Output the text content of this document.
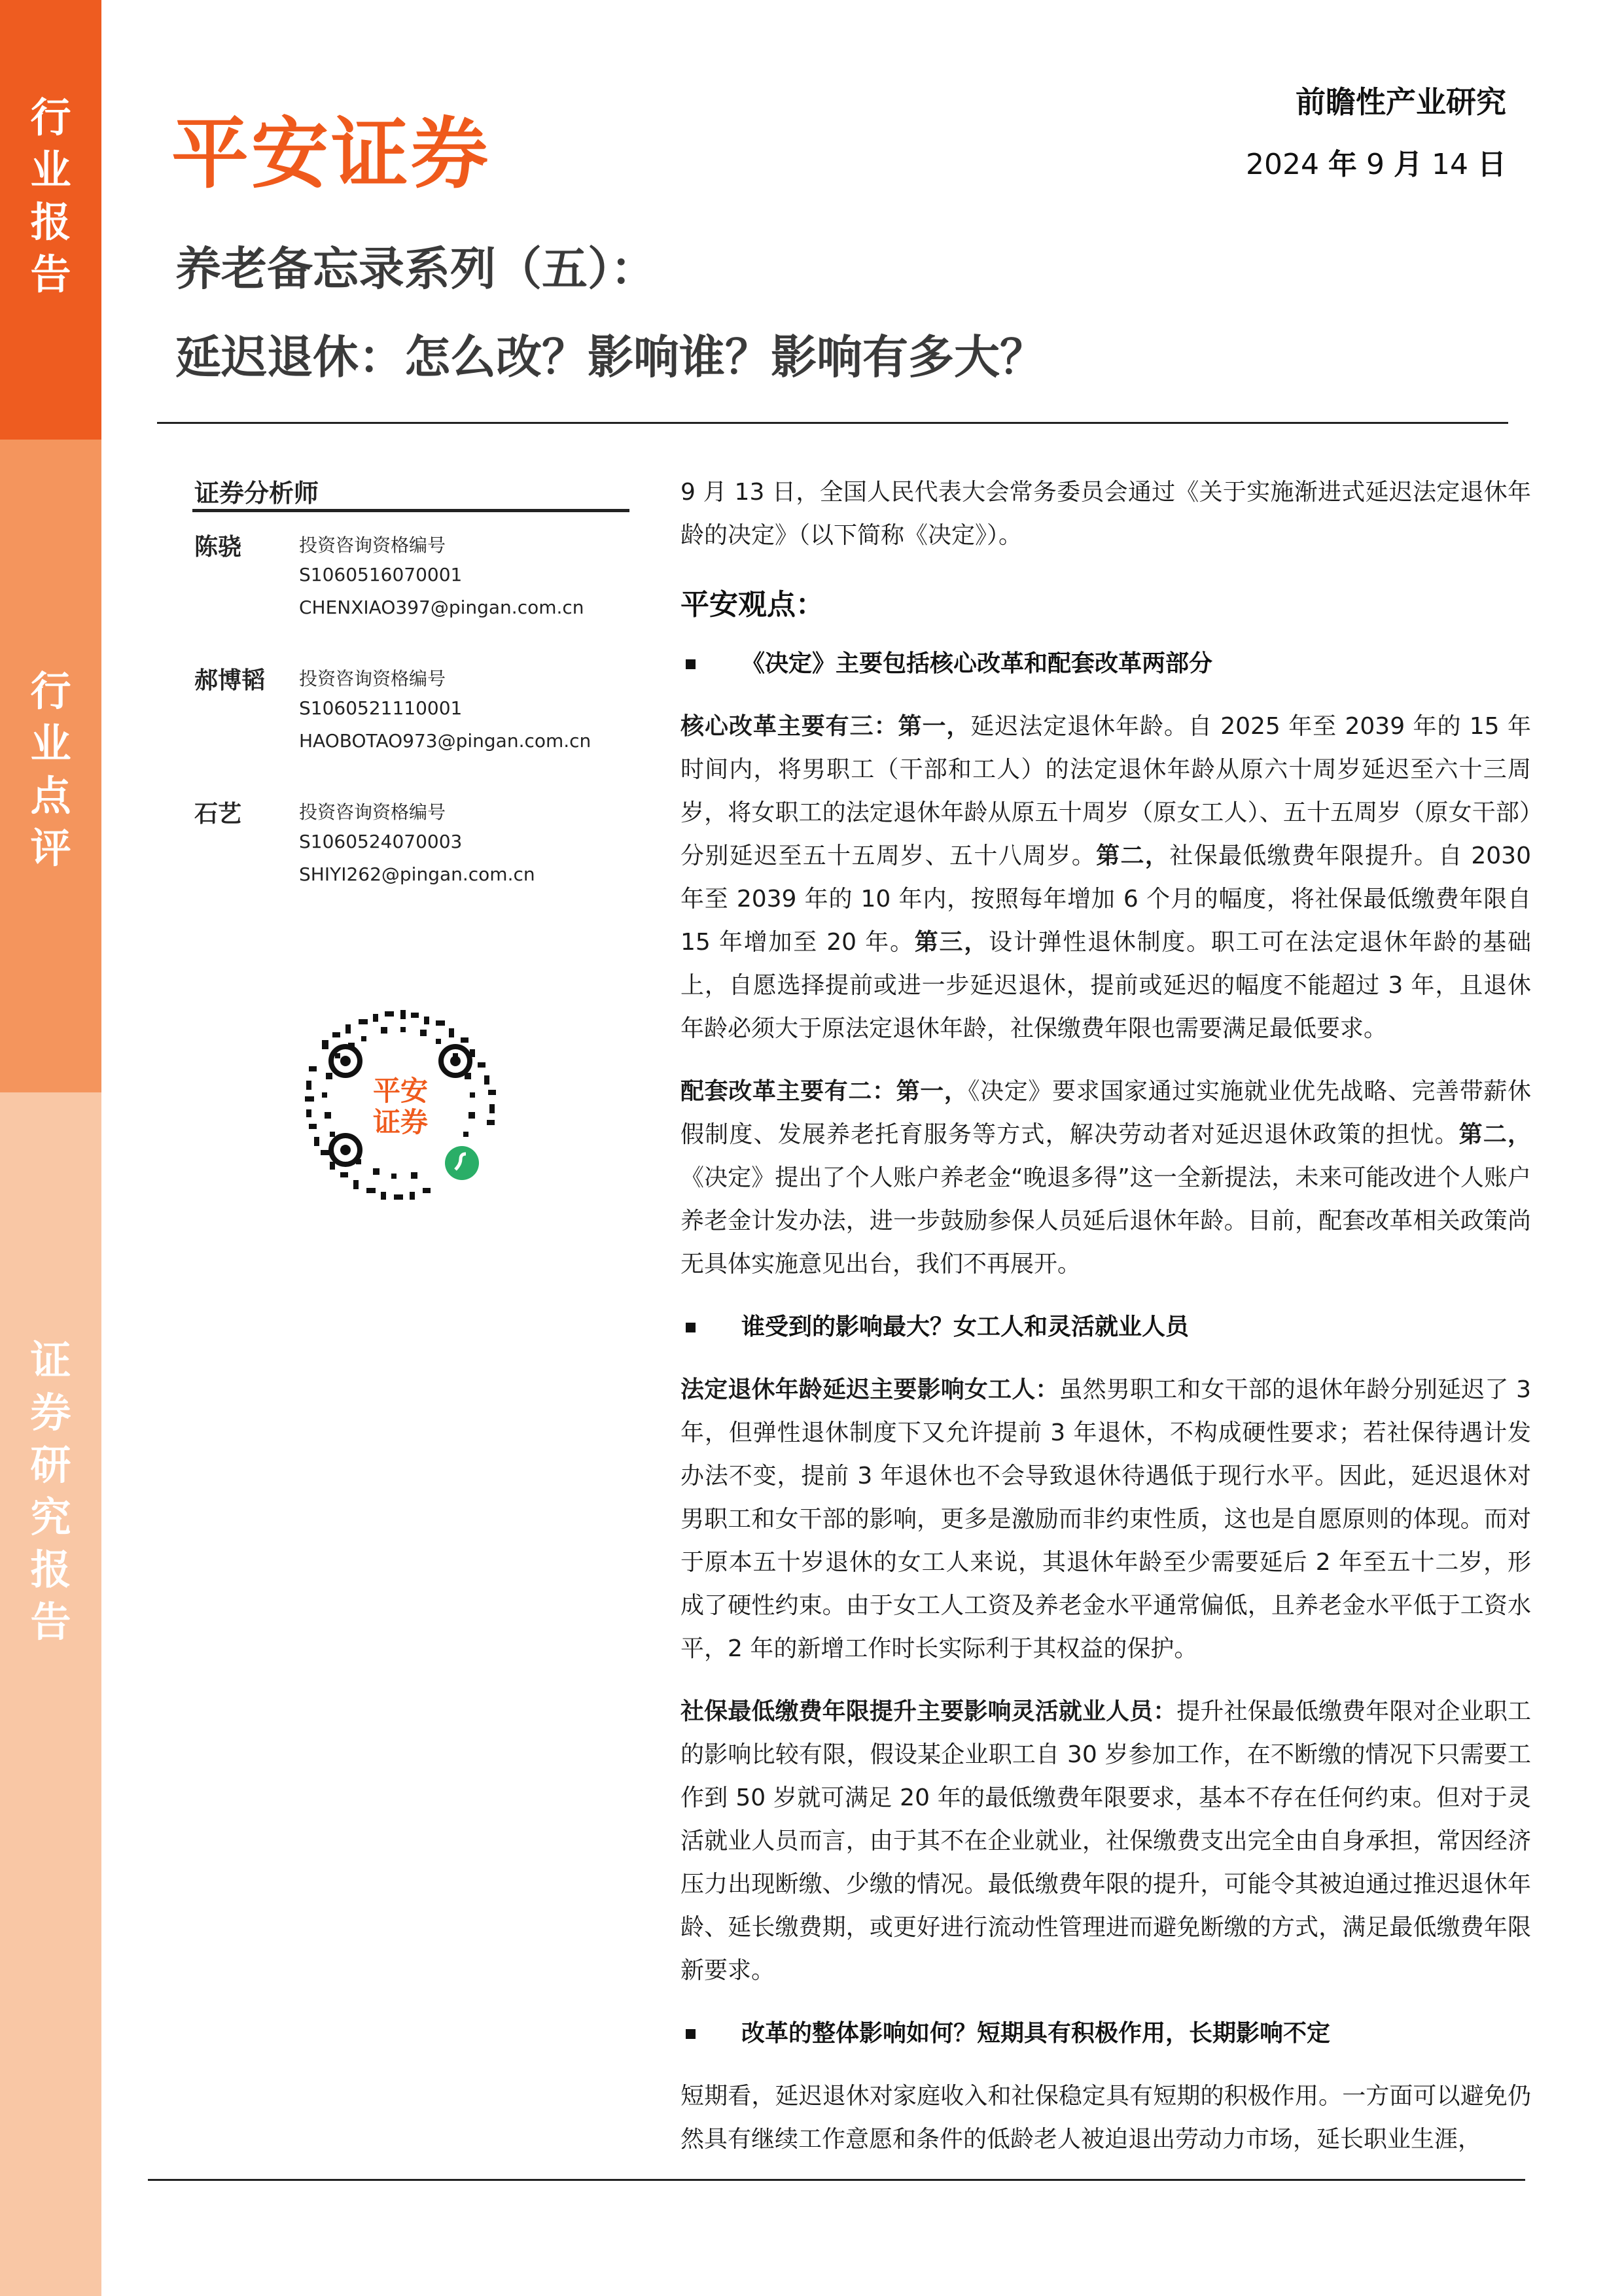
行
业
报
告
行
业
点
评
证
券
研
究
报
告
平安证券
前瞻性产业研究
2024 年 9 月 14 日
养老备忘录系列（五）：
延迟退休：怎么改？影响谁？影响有多大？
证券分析师
陈骁	投资咨询资格编号
S1060516070001
CHENXIAO397@pingan.com.cn
郝博韬	投资咨询资格编号
S1060521110001
HAOBOTAO973@pingan.com.cn
石艺	投资咨询资格编号
S1060524070003
SHIYI262@pingan.com.cn
平安
证券

9 月 13 日，全国人民代表大会常务委员会通过《关于实施渐进式延迟法定退休年龄的决定》（以下简称《决定》）。

平安观点：
《决定》主要包括核心改革和配套改革两部分

核心改革主要有三：第一，延迟法定退休年龄。自 2025 年至 2039 年的 15 年时间内，将男职工（干部和工人）的法定退休年龄从原六十周岁延迟至六十三周岁，将女职工的法定退休年龄从原五十周岁（原女工人）、五十五周岁（原女干部）分别延迟至五十五周岁、五十八周岁。第二，社保最低缴费年限提升。自 2030 年至 2039 年的 10 年内，按照每年增加 6 个月的幅度，将社保最低缴费年限自 15 年增加至 20 年。第三，设计弹性退休制度。职工可在法定退休年龄的基础上，自愿选择提前或进一步延迟退休，提前或延迟的幅度不能超过 3 年，且退休年龄必须大于原法定退休年龄，社保缴费年限也需要满足最低要求。

配套改革主要有二：第一，《决定》要求国家通过实施就业优先战略、完善带薪休假制度、发展养老托育服务等方式，解决劳动者对延迟退休政策的担忧。第二，《决定》提出了个人账户养老金“晚退多得”这一全新提法，未来可能改进个人账户养老金计发办法，进一步鼓励参保人员延后退休年龄。目前，配套改革相关政策尚无具体实施意见出台，我们不再展开。

谁受到的影响最大？女工人和灵活就业人员

法定退休年龄延迟主要影响女工人：虽然男职工和女干部的退休年龄分别延迟了 3 年，但弹性退休制度下又允许提前 3 年退休，不构成硬性要求；若社保待遇计发办法不变，提前 3 年退休也不会导致退休待遇低于现行水平。因此，延迟退休对男职工和女干部的影响，更多是激励而非约束性质，这也是自愿原则的体现。而对于原本五十岁退休的女工人来说，其退休年龄至少需要延后 2 年至五十二岁，形成了硬性约束。由于女工人工资及养老金水平通常偏低，且养老金水平低于工资水平，2 年的新增工作时长实际利于其权益的保护。

社保最低缴费年限提升主要影响灵活就业人员：提升社保最低缴费年限对企业职工的影响比较有限，假设某企业职工自 30 岁参加工作，在不断缴的情况下只需要工作到 50 岁就可满足 20 年的最低缴费年限要求，基本不存在任何约束。但对于灵活就业人员而言，由于其不在企业就业，社保缴费支出完全由自身承担，常因经济压力出现断缴、少缴的情况。最低缴费年限的提升，可能令其被迫通过推迟退休年龄、延长缴费期，或更好进行流动性管理进而避免断缴的方式，满足最低缴费年限新要求。

改革的整体影响如何？短期具有积极作用，长期影响不定

短期看，延迟退休对家庭收入和社保稳定具有短期的积极作用。一方面可以避免仍然具有继续工作意愿和条件的低龄老人被迫退出劳动力市场，延长职业生涯，
